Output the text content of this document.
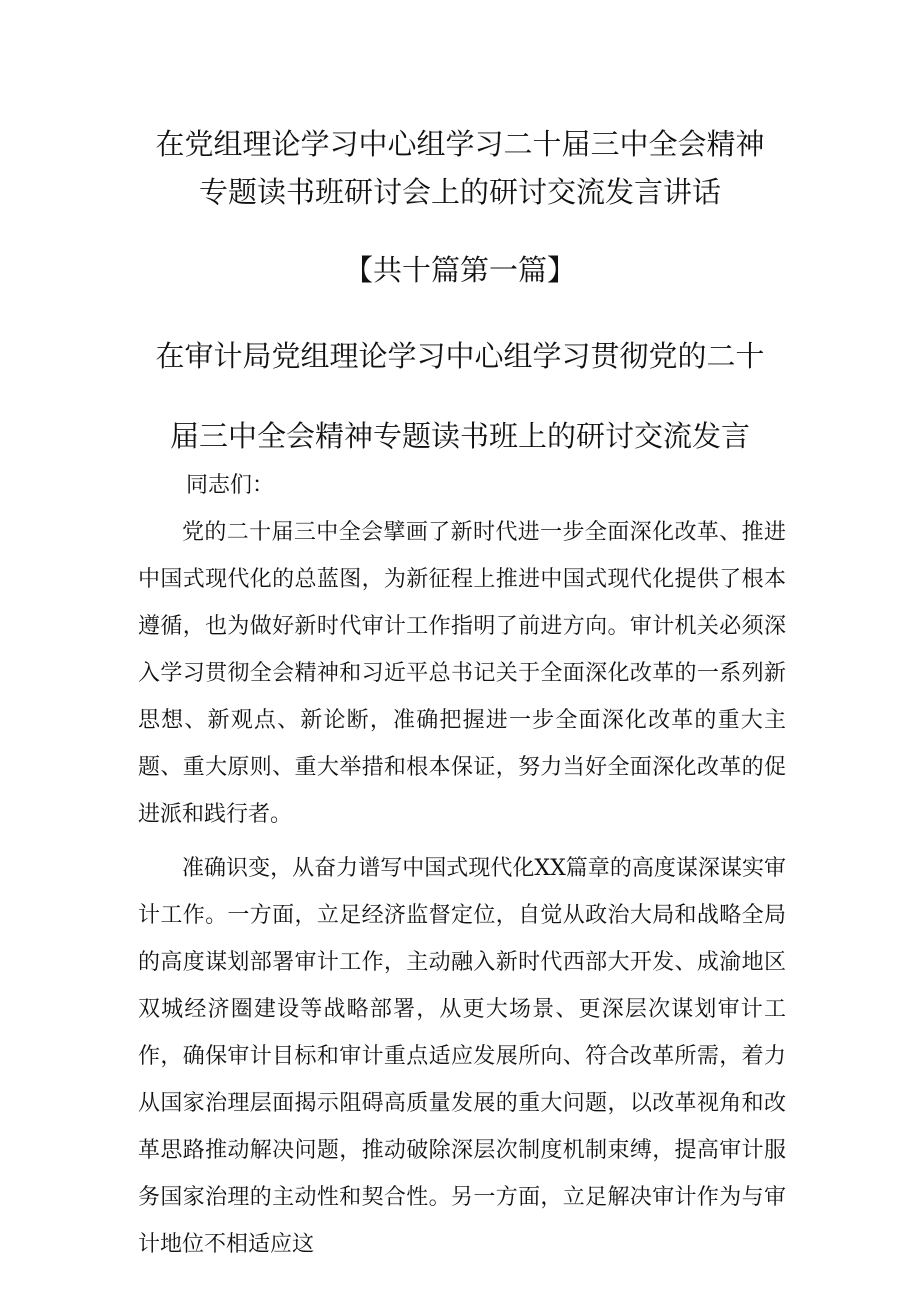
在党组理论学习中心组学习二十届三中全会精神
专题读书班研讨会上的研讨交流发言讲话
【共十篇第一篇】
在审计局党组理论学习中心组学习贯彻党的二十
届三中全会精神专题读书班上的研讨交流发言

同志们：

党的二十届三中全会擘画了新时代进一步全面深化改革、推进中国式现代化的总蓝图，为新征程上推进中国式现代化提供了根本遵循，也为做好新时代审计工作指明了前进方向。审计机关必须深入学习贯彻全会精神和习近平总书记关于全面深化改革的一系列新思想、新观点、新论断，准确把握进一步全面深化改革的重大主题、重大原则、重大举措和根本保证，努力当好全面深化改革的促进派和践行者。

准确识变，从奋力谱写中国式现代化XX篇章的高度谋深谋实审计工作。一方面，立足经济监督定位，自觉从政治大局和战略全局的高度谋划部署审计工作，主动融入新时代西部大开发、成渝地区双城经济圈建设等战略部署，从更大场景、更深层次谋划审计工作，确保审计目标和审计重点适应发展所向、符合改革所需，着力从国家治理层面揭示阻碍高质量发展的重大问题，以改革视角和改革思路推动解决问题，推动破除深层次制度机制束缚，提高审计服务国家治理的主动性和契合性。另一方面，立足解决审计作为与审计地位不相适应这
